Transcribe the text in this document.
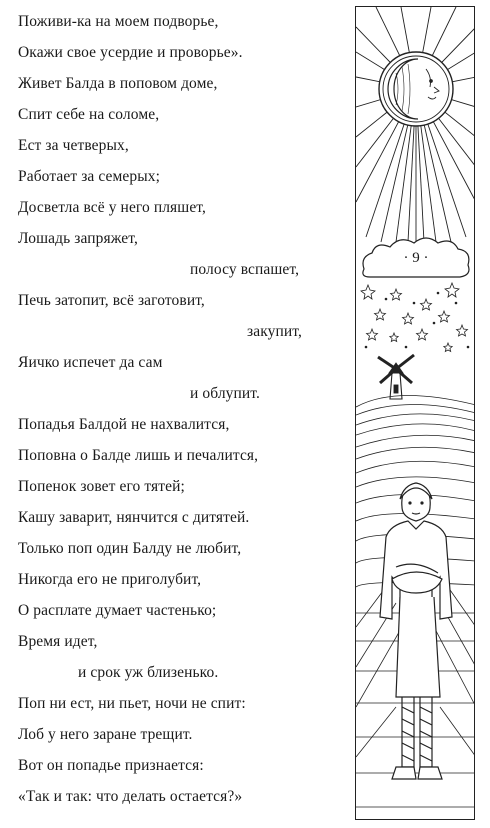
Поживи-ка на моем подворье,
Окажи свое усердие и проворье».
Живет Балда в поповом доме,
Спит себе на соломе,
Ест за четверых,
Работает за семерых;
Досветла всё у него пляшет,
Лошадь запряжет,
полосу вспашет,
Печь затопит, всё заготовит,
закупит,
Яичко испечет да сам
и облупит.
Попадья Балдой не нахвалится,
Поповна о Балде лишь и печалится,
Попенок зовет его тятей;
Кашу заварит, нянчится с дитятей.
Только поп один Балду не любит,
Никогда его не приголубит,
О расплате думает частенько;
Время идет,
и срок уж близенько.
Поп ни ест, ни пьет, ночи не спит:
Лоб у него заране трещит.
Вот он попадье признается:
«Так и так: что делать остается?»
· 9 ·
